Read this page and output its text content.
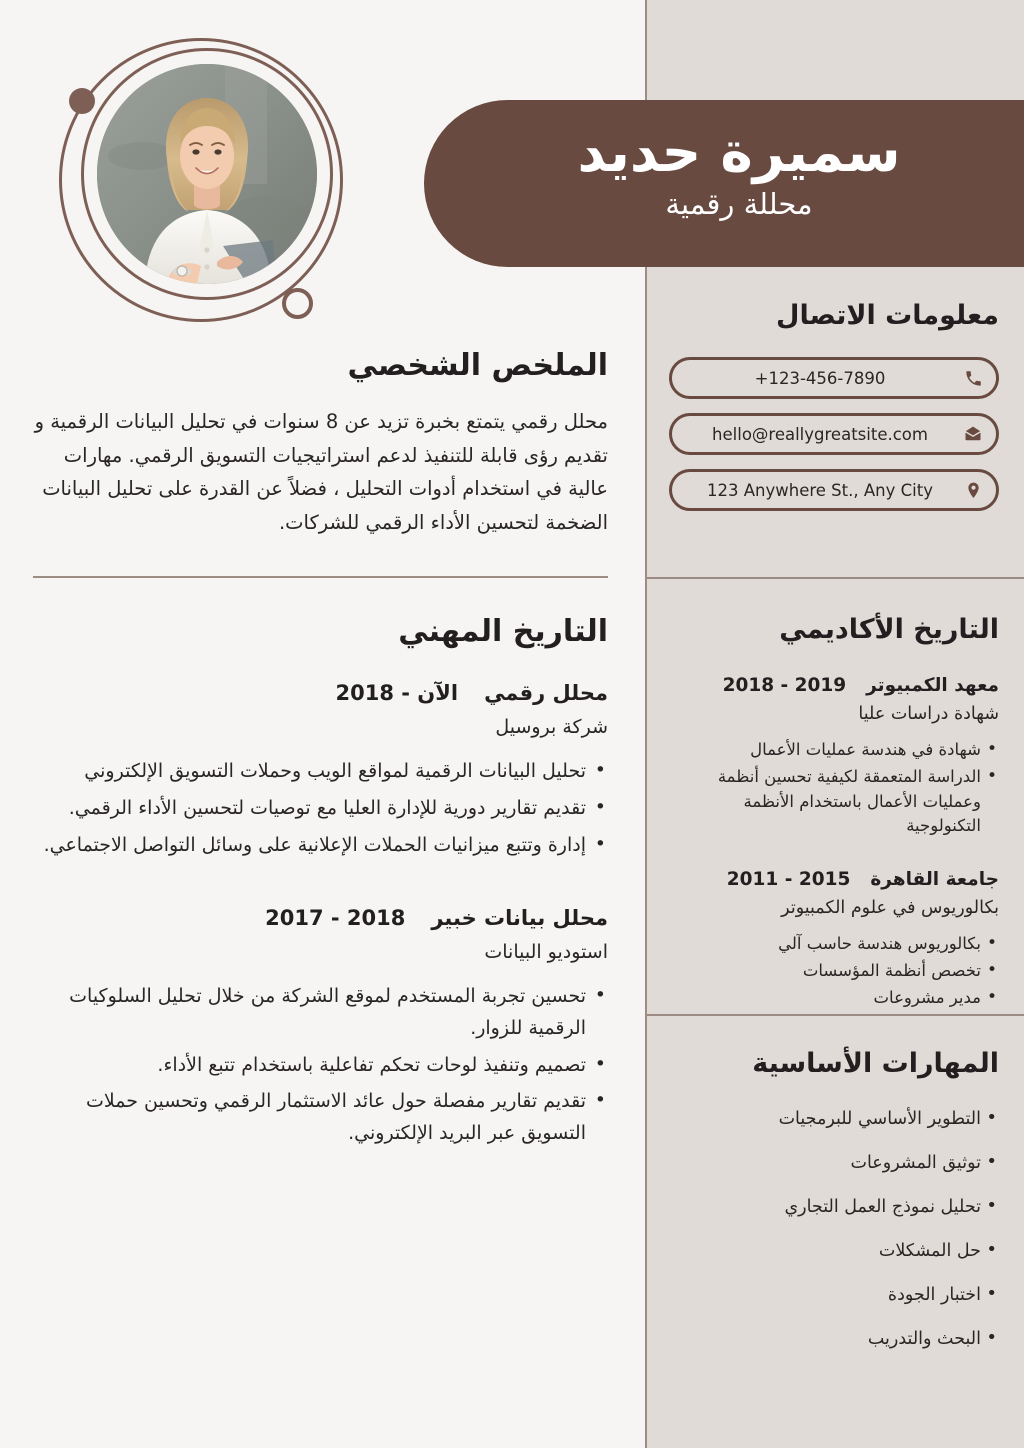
سميرة حديد
محللة رقمية
معلومات الاتصال
+123-456-7890
hello@reallygreatsite.com
123 Anywhere St., Any City
الملخص الشخصي
محلل رقمي يتمتع بخبرة تزيد عن 8 سنوات في تحليل البيانات الرقمية و تقديم رؤى قابلة للتنفيذ لدعم استراتيجيات التسويق الرقمي. مهارات عالية في استخدام أدوات التحليل ، فضلاً عن القدرة على تحليل البيانات الضخمة لتحسين الأداء الرقمي للشركات.
التاريخ المهني
محلل رقمي
2018 - الآن
شركة بروسيل
• تحليل البيانات الرقمية لمواقع الويب وحملات التسويق الإلكتروني
• تقديم تقارير دورية للإدارة العليا مع توصيات لتحسين الأداء الرقمي.
• إدارة وتتبع ميزانيات الحملات الإعلانية على وسائل التواصل الاجتماعي.
محلل بيانات خبير
2017 - 2018
استوديو البيانات
• تحسين تجربة المستخدم لموقع الشركة من خلال تحليل السلوكيات الرقمية للزوار.
• تصميم وتنفيذ لوحات تحكم تفاعلية باستخدام تتبع الأداء.
• تقديم تقارير مفصلة حول عائد الاستثمار الرقمي وتحسين حملات التسويق عبر البريد الإلكتروني.
التاريخ الأكاديمي
معهد الكمبيوتر
2018 - 2019
شهادة دراسات عليا
• شهادة في هندسة عمليات الأعمال
• الدراسة المتعمقة لكيفية تحسين أنظمة وعمليات الأعمال باستخدام الأنظمة التكنولوجية
جامعة القاهرة
2011 - 2015
بكالوريوس في علوم الكمبيوتر
• بكالوريوس هندسة حاسب آلي
• تخصص أنظمة المؤسسات
• مدير مشروعات
المهارات الأساسية
• التطوير الأساسي للبرمجيات
• توثيق المشروعات
• تحليل نموذج العمل التجاري
• حل المشكلات
• اختبار الجودة
• البحث والتدريب
